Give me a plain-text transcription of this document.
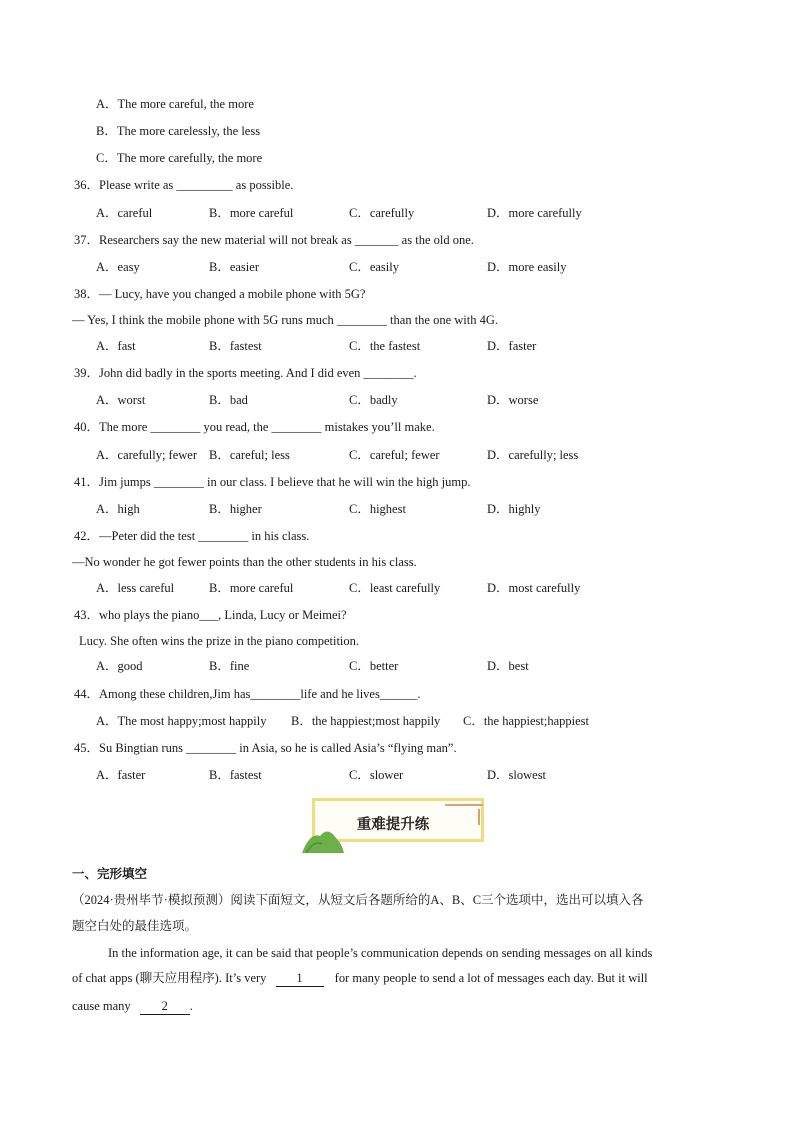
A．The more careful, the more
B．The more carelessly, the less
C．The more carefully, the more
36．Please write as _________ as possible.
A．careful	B．more careful	C．carefully	D．more carefully
37．Researchers say the new material will not break as _______ as the old one.
A．easy	B．easier	C．easily	D．more easily
38．— Lucy, have you changed a mobile phone with 5G?
— Yes, I think the mobile phone with 5G runs much ________ than the one with 4G.
A．fast	B．fastest	C．the fastest	D．faster
39．John did badly in the sports meeting. And I did even ________.
A．worst	B．bad	C．badly	D．worse
40．The more ________ you read, the ________ mistakes you’ll make.
A．carefully; fewer B．careful; less	C．careful; fewer	D．carefully; less
41．Jim jumps ________ in our class. I believe that he will win the high jump.
A．high	B．higher	C．highest	D．highly
42．—Peter did the test ________ in his class.
—No wonder he got fewer points than the other students in his class.
A．less careful	B．more careful	C．least carefully	D．most carefully
43．who plays the piano___, Linda, Lucy or Meimei?
Lucy. She often wins the prize in the piano competition.
A．good	B．fine	C．better	D．best
44．Among these children,Jim has________life and he lives______.
A．The most happy;most happily B．the happiest;most happily C．the happiest;happiest
45．Su Bingtian runs ________ in Asia, so he is called Asia’s “flying man”.
A．faster	B．fastest	C．slower	D．slowest
重难提升练
一、完形填空
（2024·贵州毕节·模拟预测）阅读下面短文，从短文后各题所给的A、B、C三个选项中，选出可以填入各
题空白处的最佳选项。
In the information age, it can be said that people’s communication depends on sending messages on all kinds
of chat apps (聊天应用程序). It’s very 1	for many people to send a lot of messages each day. But it will
cause many 2 .
